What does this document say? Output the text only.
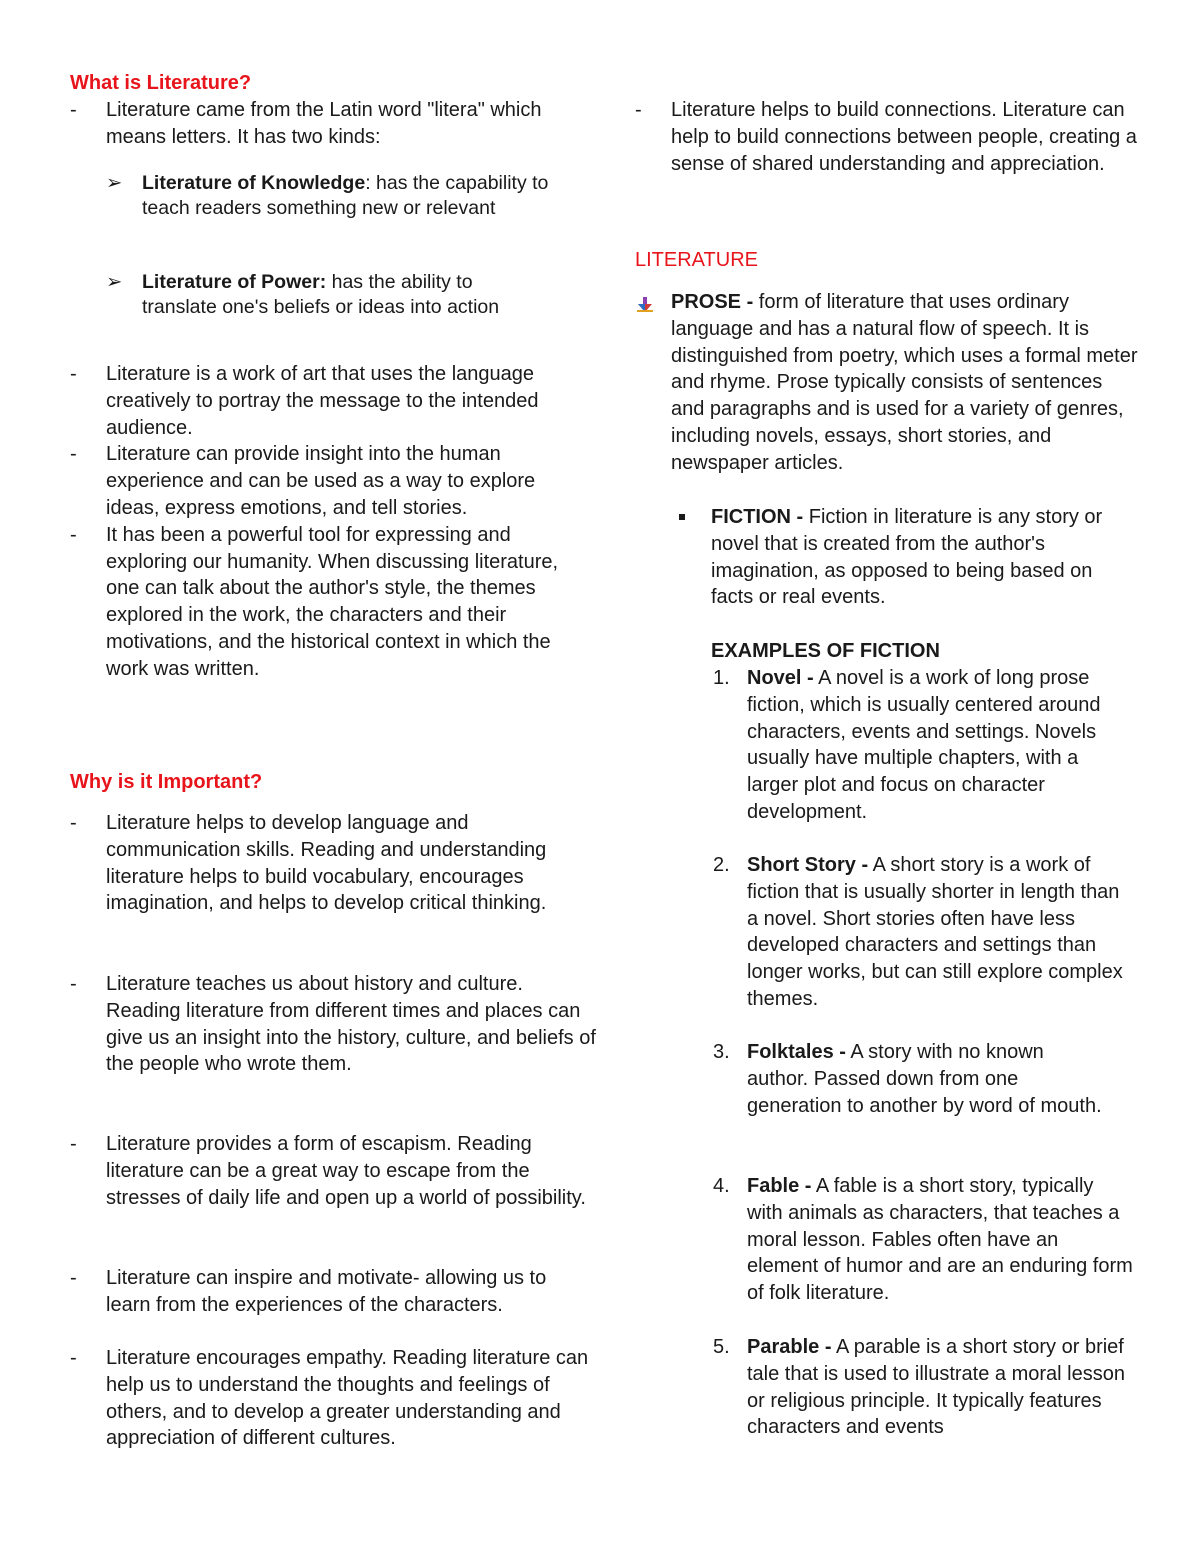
What is Literature?
- Literature came from the Latin word "litera" which means letters. It has two kinds:
➢ Literature of Knowledge: has the capability to teach readers something new or relevant
➢ Literature of Power: has the ability to translate one's beliefs or ideas into action
- Literature is a work of art that uses the language creatively to portray the message to the intended audience.
- Literature can provide insight into the human experience and can be used as a way to explore ideas, express emotions, and tell stories.
- It has been a powerful tool for expressing and exploring our humanity. When discussing literature, one can talk about the author's style, the themes explored in the work, the characters and their motivations, and the historical context in which the work was written.
Why is it Important?
- Literature helps to develop language and communication skills. Reading and understanding literature helps to build vocabulary, encourages imagination, and helps to develop critical thinking.
- Literature teaches us about history and culture. Reading literature from different times and places can give us an insight into the history, culture, and beliefs of the people who wrote them.
- Literature provides a form of escapism. Reading literature can be a great way to escape from the stresses of daily life and open up a world of possibility.
- Literature can inspire and motivate- allowing us to learn from the experiences of the characters.
- Literature encourages empathy. Reading literature can help us to understand the thoughts and feelings of others, and to develop a greater understanding and appreciation of different cultures.
- Literature helps to build connections. Literature can help to build connections between people, creating a sense of shared understanding and appreciation.
LITERATURE
PROSE - form of literature that uses ordinary language and has a natural flow of speech. It is distinguished from poetry, which uses a formal meter and rhyme. Prose typically consists of sentences and paragraphs and is used for a variety of genres, including novels, essays, short stories, and newspaper articles.
FICTION - Fiction in literature is any story or novel that is created from the author's imagination, as opposed to being based on facts or real events.
EXAMPLES OF FICTION
1. Novel - A novel is a work of long prose fiction, which is usually centered around characters, events and settings. Novels usually have multiple chapters, with a larger plot and focus on character development.
2. Short Story - A short story is a work of fiction that is usually shorter in length than a novel. Short stories often have less developed characters and settings than longer works, but can still explore complex themes.
3. Folktales - A story with no known author. Passed down from one generation to another by word of mouth.
4. Fable - A fable is a short story, typically with animals as characters, that teaches a moral lesson. Fables often have an element of humor and are an enduring form of folk literature.
5. Parable - A parable is a short story or brief tale that is used to illustrate a moral lesson or religious principle. It typically features characters and events
